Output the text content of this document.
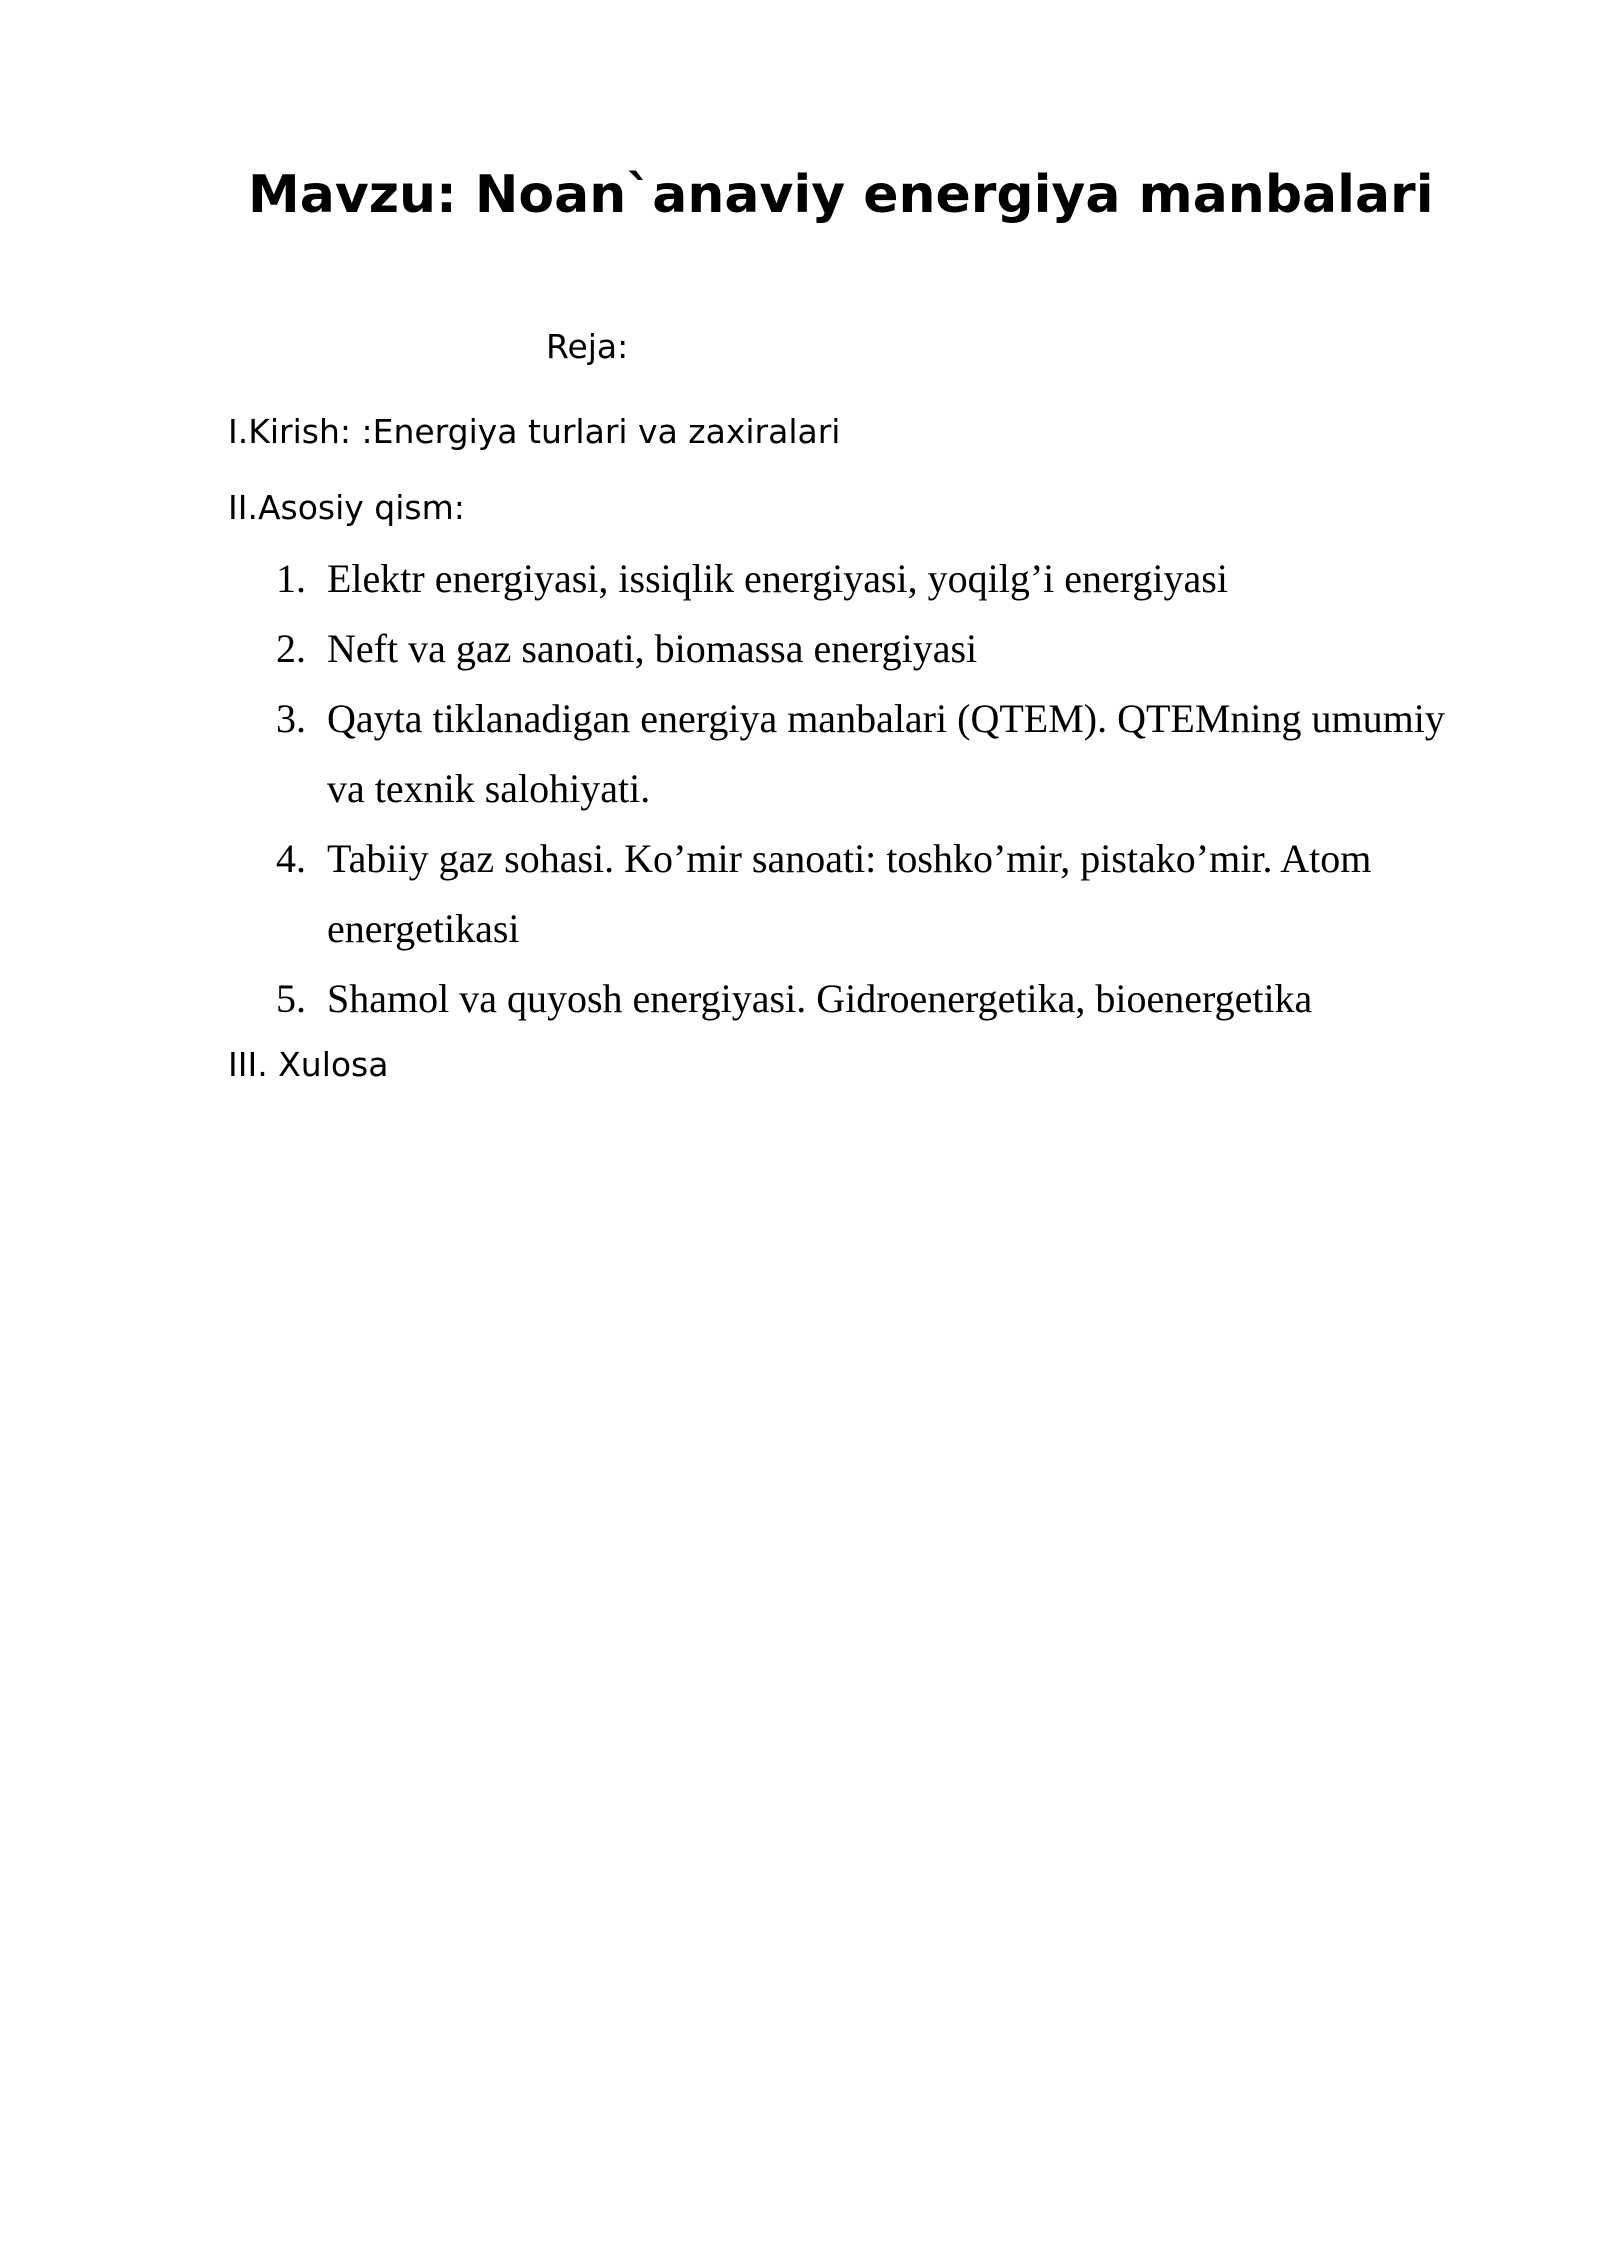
Mavzu: Noan`anaviy energiya manbalari

Reja:

I.Kirish: :Energiya turlari va zaxiralari

II.Asosiy qism:

1. Elektr energiyasi, issiqlik energiyasi, yoqilg’i energiyasi
2. Neft va gaz sanoati, biomassa energiyasi
3. Qayta tiklanadigan energiya manbalari (QTEM). QTEMning umumiy va texnik salohiyati.
4. Tabiiy gaz sohasi. Ko’mir sanoati: toshko’mir, pistako’mir. Atom energetikasi
5. Shamol va quyosh energiyasi. Gidroenergetika, bioenergetika

III. Xulosa
